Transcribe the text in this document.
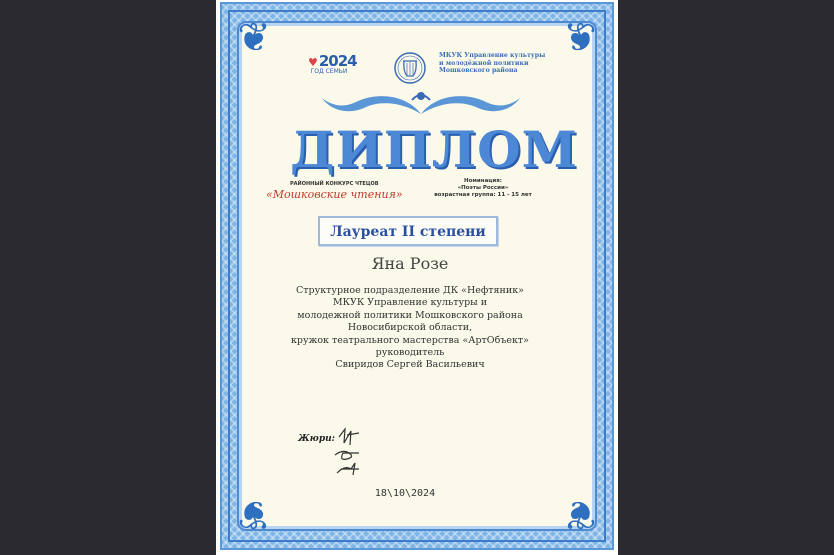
❦	❦
❦	❦
♥2024
ГОД СЕМЬИ
МКУК Управление культуры
и молодёжной политики
Мошковского района
ДИПЛОМ
РАЙОННЫЙ КОНКУРС ЧТЕЦОВ
«Мошковские чтения»
Номинация:
«Поэты России»
возрастная группа: 11 - 15 лет
Лауреат II степени
Яна Розе
Структурное подразделение ДК «Нефтяник»
МКУК Управление культуры и
молодежной политики Мошковского района
Новосибирской области,
кружок театрального мастерства «АртОбъект»
руководитель
Свиридов Сергей Васильевич
Жюри:
18\10\2024
